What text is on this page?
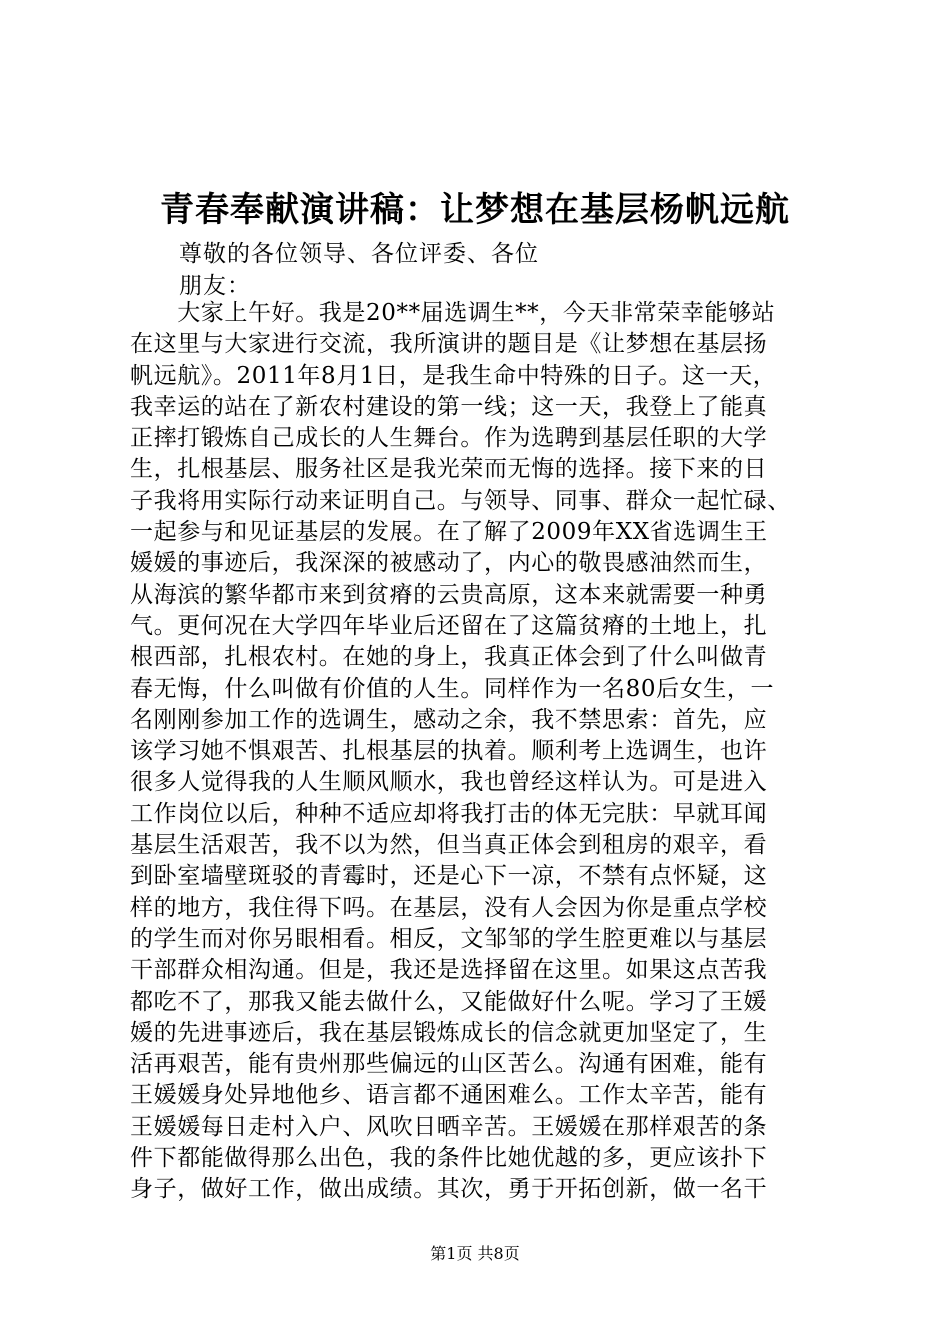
青春奉献演讲稿：让梦想在基层杨帆远航
尊敬的各位领导、各位评委、各位
朋友：
　　大家上午好。我是20**届选调生**，今天非常荣幸能够站
在这里与大家进行交流，我所演讲的题目是《让梦想在基层扬
帆远航》。2011年8月1日，是我生命中特殊的日子。这一天，
我幸运的站在了新农村建设的第一线；这一天，我登上了能真
正摔打锻炼自己成长的人生舞台。作为选聘到基层任职的大学
生，扎根基层、服务社区是我光荣而无悔的选择。接下来的日
子我将用实际行动来证明自己。与领导、同事、群众一起忙碌、
一起参与和见证基层的发展。在了解了2009年XX省选调生王
媛媛的事迹后，我深深的被感动了，内心的敬畏感油然而生，
从海滨的繁华都市来到贫瘠的云贵高原，这本来就需要一种勇
气。更何况在大学四年毕业后还留在了这篇贫瘠的土地上，扎
根西部，扎根农村。在她的身上，我真正体会到了什么叫做青
春无悔，什么叫做有价值的人生。同样作为一名80后女生，一
名刚刚参加工作的选调生，感动之余，我不禁思索：首先，应
该学习她不惧艰苦、扎根基层的执着。顺利考上选调生，也许
很多人觉得我的人生顺风顺水，我也曾经这样认为。可是进入
工作岗位以后，种种不适应却将我打击的体无完肤：早就耳闻
基层生活艰苦，我不以为然，但当真正体会到租房的艰辛，看
到卧室墙壁斑驳的青霉时，还是心下一凉，不禁有点怀疑，这
样的地方，我住得下吗。在基层，没有人会因为你是重点学校
的学生而对你另眼相看。相反，文邹邹的学生腔更难以与基层
干部群众相沟通。但是，我还是选择留在这里。如果这点苦我
都吃不了，那我又能去做什么，又能做好什么呢。学习了王媛
媛的先进事迹后，我在基层锻炼成长的信念就更加坚定了，生
活再艰苦，能有贵州那些偏远的山区苦么。沟通有困难，能有
王媛媛身处异地他乡、语言都不通困难么。工作太辛苦，能有
王媛媛每日走村入户、风吹日晒辛苦。王媛媛在那样艰苦的条
件下都能做得那么出色，我的条件比她优越的多，更应该扑下
身子，做好工作，做出成绩。其次，勇于开拓创新，做一名干
第1页 共8页
